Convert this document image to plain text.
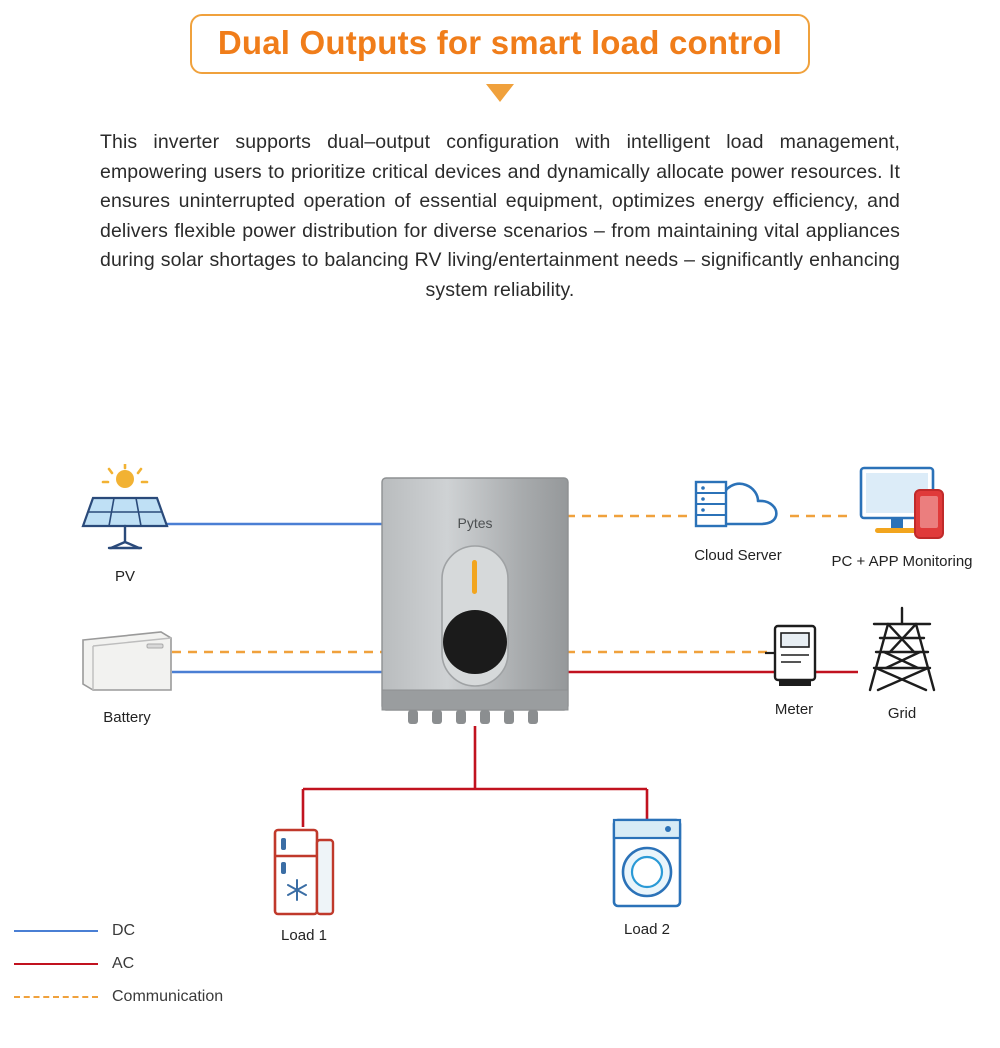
Dual Outputs for smart load control
This inverter supports dual–output configuration with intelligent load management, empowering users to prioritize critical devices and dynamically allocate power resources. It ensures uninterrupted operation of essential equipment, optimizes energy efficiency, and delivers flexible power distribution for diverse scenarios – from maintaining vital appliances during solar shortages to balancing RV living/entertainment needs – significantly enhancing system reliability.
PV
Battery
Pytes
Cloud Server	PC + APP Monitoring
Meter	Grid
Load 1	Load 2
DC
AC
Communication
